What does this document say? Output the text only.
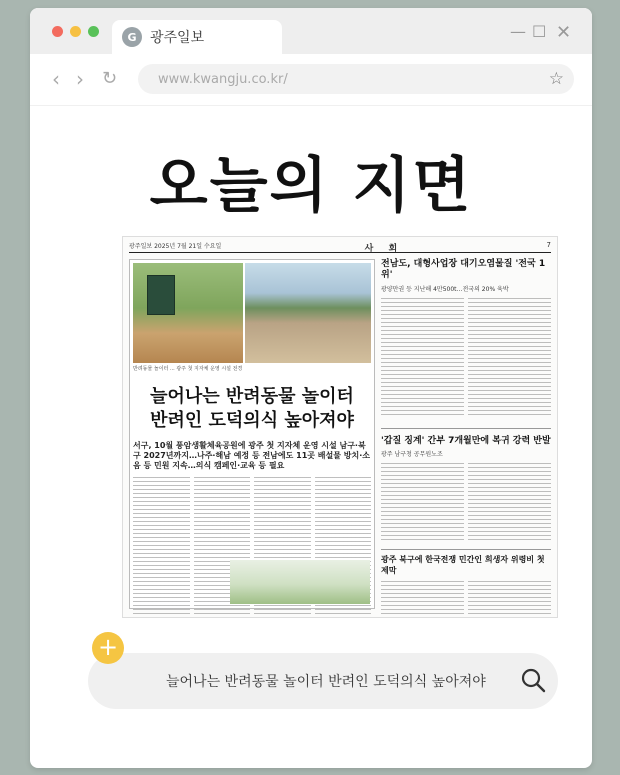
G 광주일보	— ☐ ✕
‹ › ↻	www.kwangju.co.kr/	☆
오늘의 지면
광주일보 2025년 7월 21일 수요일	사 회	7
반려동물 놀이터 ... 광주 첫 지자체 운영 시설 전경
늘어나는 반려동물 놀이터
반려인 도덕의식 높아져야
서구, 10월 풍암생활체육공원에 광주 첫 지자체 운영 시설 남구·북구 2027년까지…나주·해남 예정 등 전남에도 11곳 배설물 방치·소음 등 민원 지속…의식 캠페인·교육 등 필요
전남도, 대형사업장 대기오염물질 '전국 1위'
광양만권 등 지난해 4만500t…전국의 20% 육박
'갑질 징계' 간부 7개월만에 복귀 강력 반발
광주 남구청 공무원노조
광주 북구에 한국전쟁 민간인 희생자 위령비 첫 제막
늘어나는 반려동물 놀이터 반려인 도덕의식 높아져야
+
